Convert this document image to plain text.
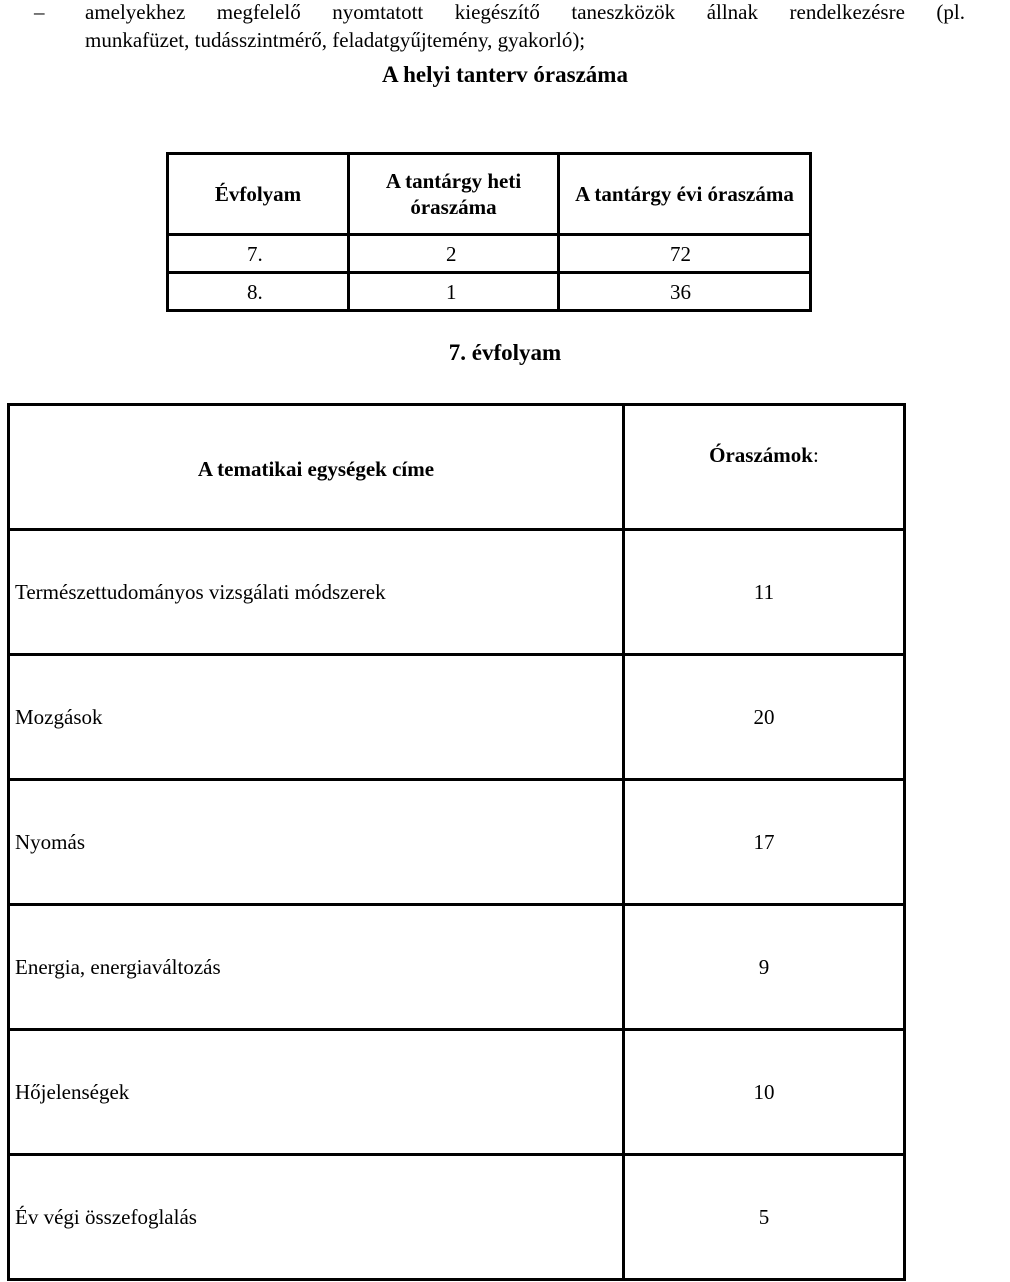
– amelyekhez megfelelő nyomtatott kiegészítő taneszközök állnak rendelkezésre (pl.
munkafüzet, tudásszintmérő, feladatgyűjtemény, gyakorló);
A helyi tanterv óraszáma
Évfolyam	A tantárgy heti óraszáma	A tantárgy évi óraszáma
7.	2	72
8.	1	36
7. évfolyam
A tematikai egységek címe	Óraszámok:
Természettudományos vizsgálati módszerek	11
Mozgások	20
Nyomás	17
Energia, energiaváltozás	9
Hőjelenségek	10
Év végi összefoglalás	5
